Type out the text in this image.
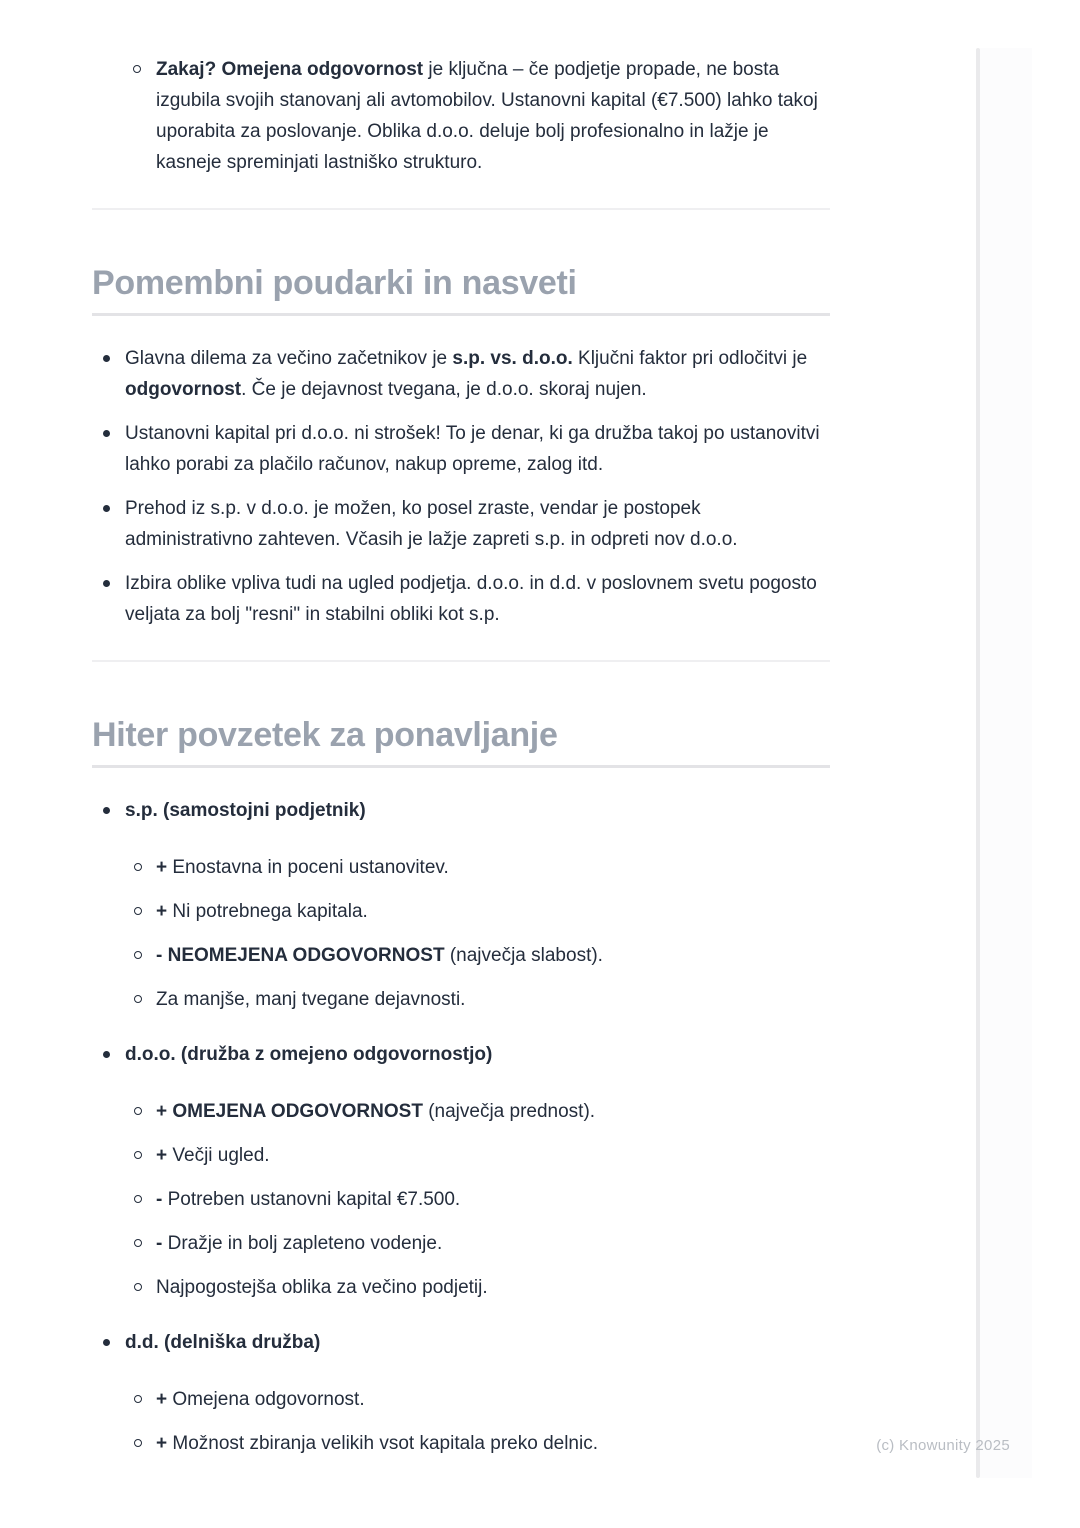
Zakaj? Omejena odgovornost je ključna – če podjetje propade, ne bosta izgubila svojih stanovanj ali avtomobilov. Ustanovni kapital (€7.500) lahko takoj uporabita za poslovanje. Oblika d.o.o. deluje bolj profesionalno in lažje je kasneje spreminjati lastniško strukturo.
Pomembni poudarki in nasveti
Glavna dilema za večino začetnikov je s.p. vs. d.o.o. Ključni faktor pri odločitvi je odgovornost. Če je dejavnost tvegana, je d.o.o. skoraj nujen.
Ustanovni kapital pri d.o.o. ni strošek! To je denar, ki ga družba takoj po ustanovitvi lahko porabi za plačilo računov, nakup opreme, zalog itd.
Prehod iz s.p. v d.o.o. je možen, ko posel zraste, vendar je postopek administrativno zahteven. Včasih je lažje zapreti s.p. in odpreti nov d.o.o.
Izbira oblike vpliva tudi na ugled podjetja. d.o.o. in d.d. v poslovnem svetu pogosto veljata za bolj "resni" in stabilni obliki kot s.p.
Hiter povzetek za ponavljanje
s.p. (samostojni podjetnik)
+ Enostavna in poceni ustanovitev.
+ Ni potrebnega kapitala.
- NEOMEJENA ODGOVORNOST (največja slabost).
Za manjše, manj tvegane dejavnosti.
d.o.o. (družba z omejeno odgovornostjo)
+ OMEJENA ODGOVORNOST (največja prednost).
+ Večji ugled.
- Potreben ustanovni kapital €7.500.
- Dražje in bolj zapleteno vodenje.
Najpogostejša oblika za večino podjetij.
d.d. (delniška družba)
+ Omejena odgovornost.
+ Možnost zbiranja velikih vsot kapitala preko delnic.	(c) Knowunity 2025
